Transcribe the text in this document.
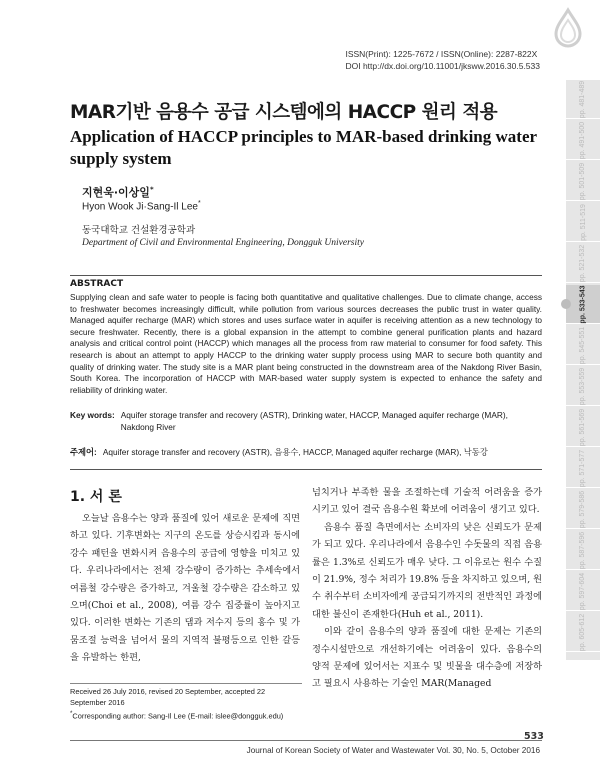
ISSN(Print): 1225-7672 / ISSN(Online): 2287-822X
DOI http://dx.doi.org/10.11001/jksww.2016.30.5.533
MAR기반 음용수 공급 시스템에의 HACCP 원리 적용
Application of HACCP principles to MAR-based drinking water supply system
지현욱·이상일*
Hyon Wook Ji·Sang-Il Lee*
동국대학교 건설환경공학과
Department of Civil and Environmental Engineering, Dongguk University
ABSTRACT
Supplying clean and safe water to people is facing both quantitative and qualitative challenges. Due to climate change, access to freshwater becomes increasingly difficult, while pollution from various sources decreases the public trust in water quality. Managed aquifer recharge (MAR) which stores and uses surface water in aquifer is receiving attention as a new technology to secure freshwater. Recently, there is a global expansion in the attempt to combine general purification plants and hazard analysis and critical control point (HACCP) which manages all the process from raw material to consumer for food safety. This research is about an attempt to apply HACCP to the drinking water supply process using MAR to secure both quantity and quality of drinking water. The study site is a MAR plant being constructed in the downstream area of the Nakdong River Basin, South Korea. The incorporation of HACCP with MAR-based water supply system is expected to enhance the safety and reliability of drinking water.
Key words: Aquifer storage transfer and recovery (ASTR), Drinking water, HACCP, Managed aquifer recharge (MAR), Nakdong River
주제어: Aquifer storage transfer and recovery (ASTR), 음용수, HACCP, Managed aquifer recharge (MAR), 낙동강
1. 서 론

오늘날 음용수는 양과 품질에 있어 새로운 문제에 직면하고 있다. 기후변화는 지구의 온도를 상승시킴과 동시에 강수 패턴을 변화시켜 음용수의 공급에 영향을 미치고 있다. 우리나라에서는 전체 강수량이 증가하는 추세속에서 여름철 강수량은 증가하고, 겨울철 강수량은 감소하고 있으며(Choi et al., 2008), 여름 강수 집중률이 높아지고 있다. 이러한 변화는 기존의 댐과 저수지 등의 홍수 및 가뭄조절 능력을 넘어서 물의 지역적 불평등으로 인한 갈등을 유발하는 한편,

넘치거나 부족한 물을 조절하는데 기술적 어려움을 증가시키고 있어 결국 음용수원 확보에 어려움이 생기고 있다.

음용수 품질 측면에서는 소비자의 낮은 신뢰도가 문제가 되고 있다. 우리나라에서 음용수인 수돗물의 직접 음용률은 1.3%로 신뢰도가 매우 낮다. 그 이유로는 원수 수질이 21.9%, 정수 처리가 19.8% 등을 차지하고 있으며, 원수 취수부터 소비자에게 공급되기까지의 전반적인 과정에 대한 불신이 존재한다(Huh et al., 2011).

이와 같이 음용수의 양과 품질에 대한 문제는 기존의 정수시설만으로 개선하기에는 어려움이 있다. 음용수의 양적 문제에 있어서는 지표수 및 빗물을 대수층에 저장하고 필요시 사용하는 기술인 MAR(Managed

Received 26 July 2016, revised 20 September, accepted 22 September 2016
*Corresponding author: Sang-Il Lee (E-mail: islee@dongguk.edu)
533
Journal of Korean Society of Water and Wastewater Vol. 30, No. 5, October 2016
pp. 481-489
pp. 491-500
pp. 501-509
pp. 511-519
pp. 521-532
pp. 533-543
pp. 545-551
pp. 553-559
pp. 561-569
pp. 571-577
pp. 579-586
pp. 587-596
pp. 597-604
pp. 605-612
